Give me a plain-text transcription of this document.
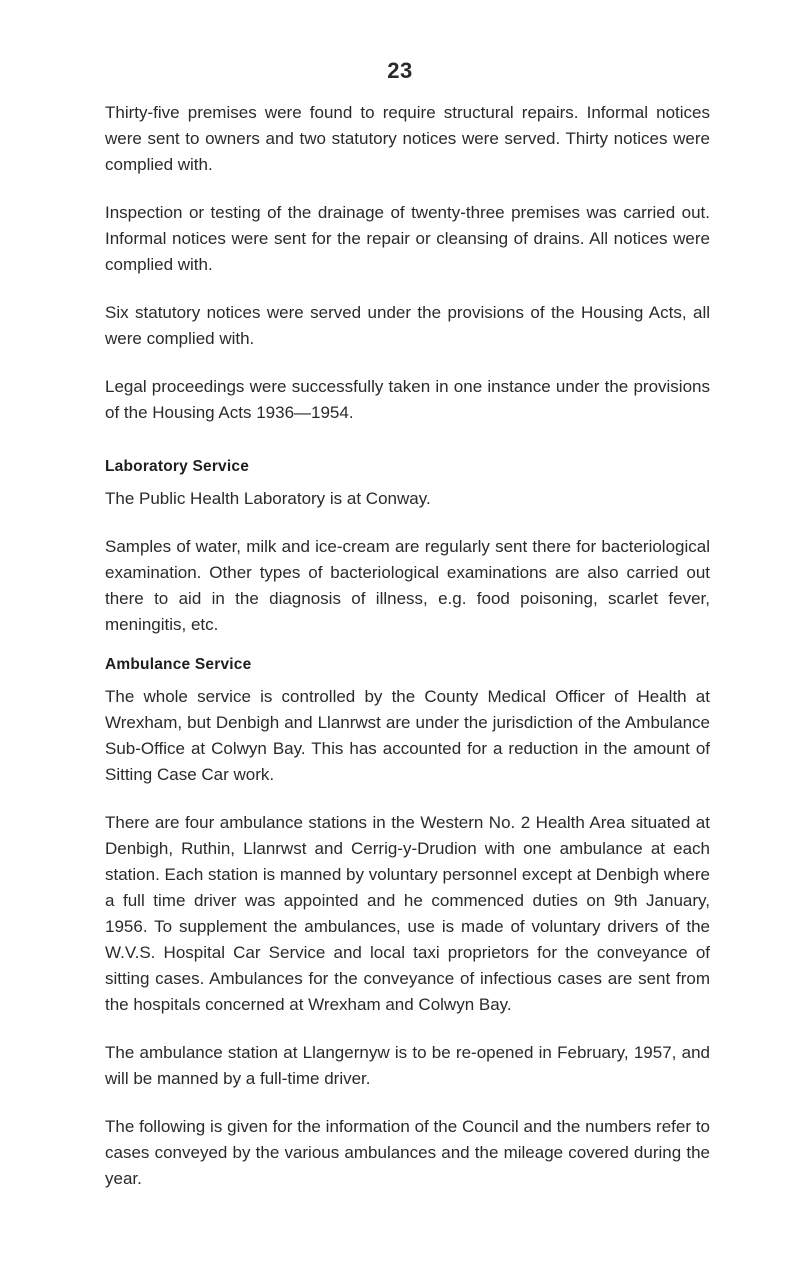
23

Thirty-five premises were found to require structural repairs. Informal notices were sent to owners and two statutory notices were served. Thirty notices were complied with.

Inspection or testing of the drainage of twenty-three premises was carried out. Informal notices were sent for the repair or cleansing of drains. All notices were complied with.

Six statutory notices were served under the provisions of the Housing Acts, all were complied with.

Legal proceedings were successfully taken in one instance under the provisions of the Housing Acts 1936—1954.

Laboratory Service

The Public Health Laboratory is at Conway.

Samples of water, milk and ice-cream are regularly sent there for bacteriological examination. Other types of bacteriological examinations are also carried out there to aid in the diagnosis of illness, e.g. food poisoning, scarlet fever, meningitis, etc.

Ambulance Service

The whole service is controlled by the County Medical Officer of Health at Wrexham, but Denbigh and Llanrwst are under the jurisdiction of the Ambulance Sub-Office at Colwyn Bay. This has accounted for a reduction in the amount of Sitting Case Car work.

There are four ambulance stations in the Western No. 2 Health Area situated at Denbigh, Ruthin, Llanrwst and Cerrig-y-Drudion with one ambulance at each station. Each station is manned by voluntary personnel except at Denbigh where a full time driver was appointed and he commenced duties on 9th January, 1956. To supplement the ambulances, use is made of voluntary drivers of the W.V.S. Hospital Car Service and local taxi proprietors for the conveyance of sitting cases. Ambulances for the conveyance of infectious cases are sent from the hospitals concerned at Wrexham and Colwyn Bay.

The ambulance station at Llangernyw is to be re-opened in February, 1957, and will be manned by a full-time driver.

The following is given for the information of the Council and the numbers refer to cases conveyed by the various ambulances and the mileage covered during the year.
